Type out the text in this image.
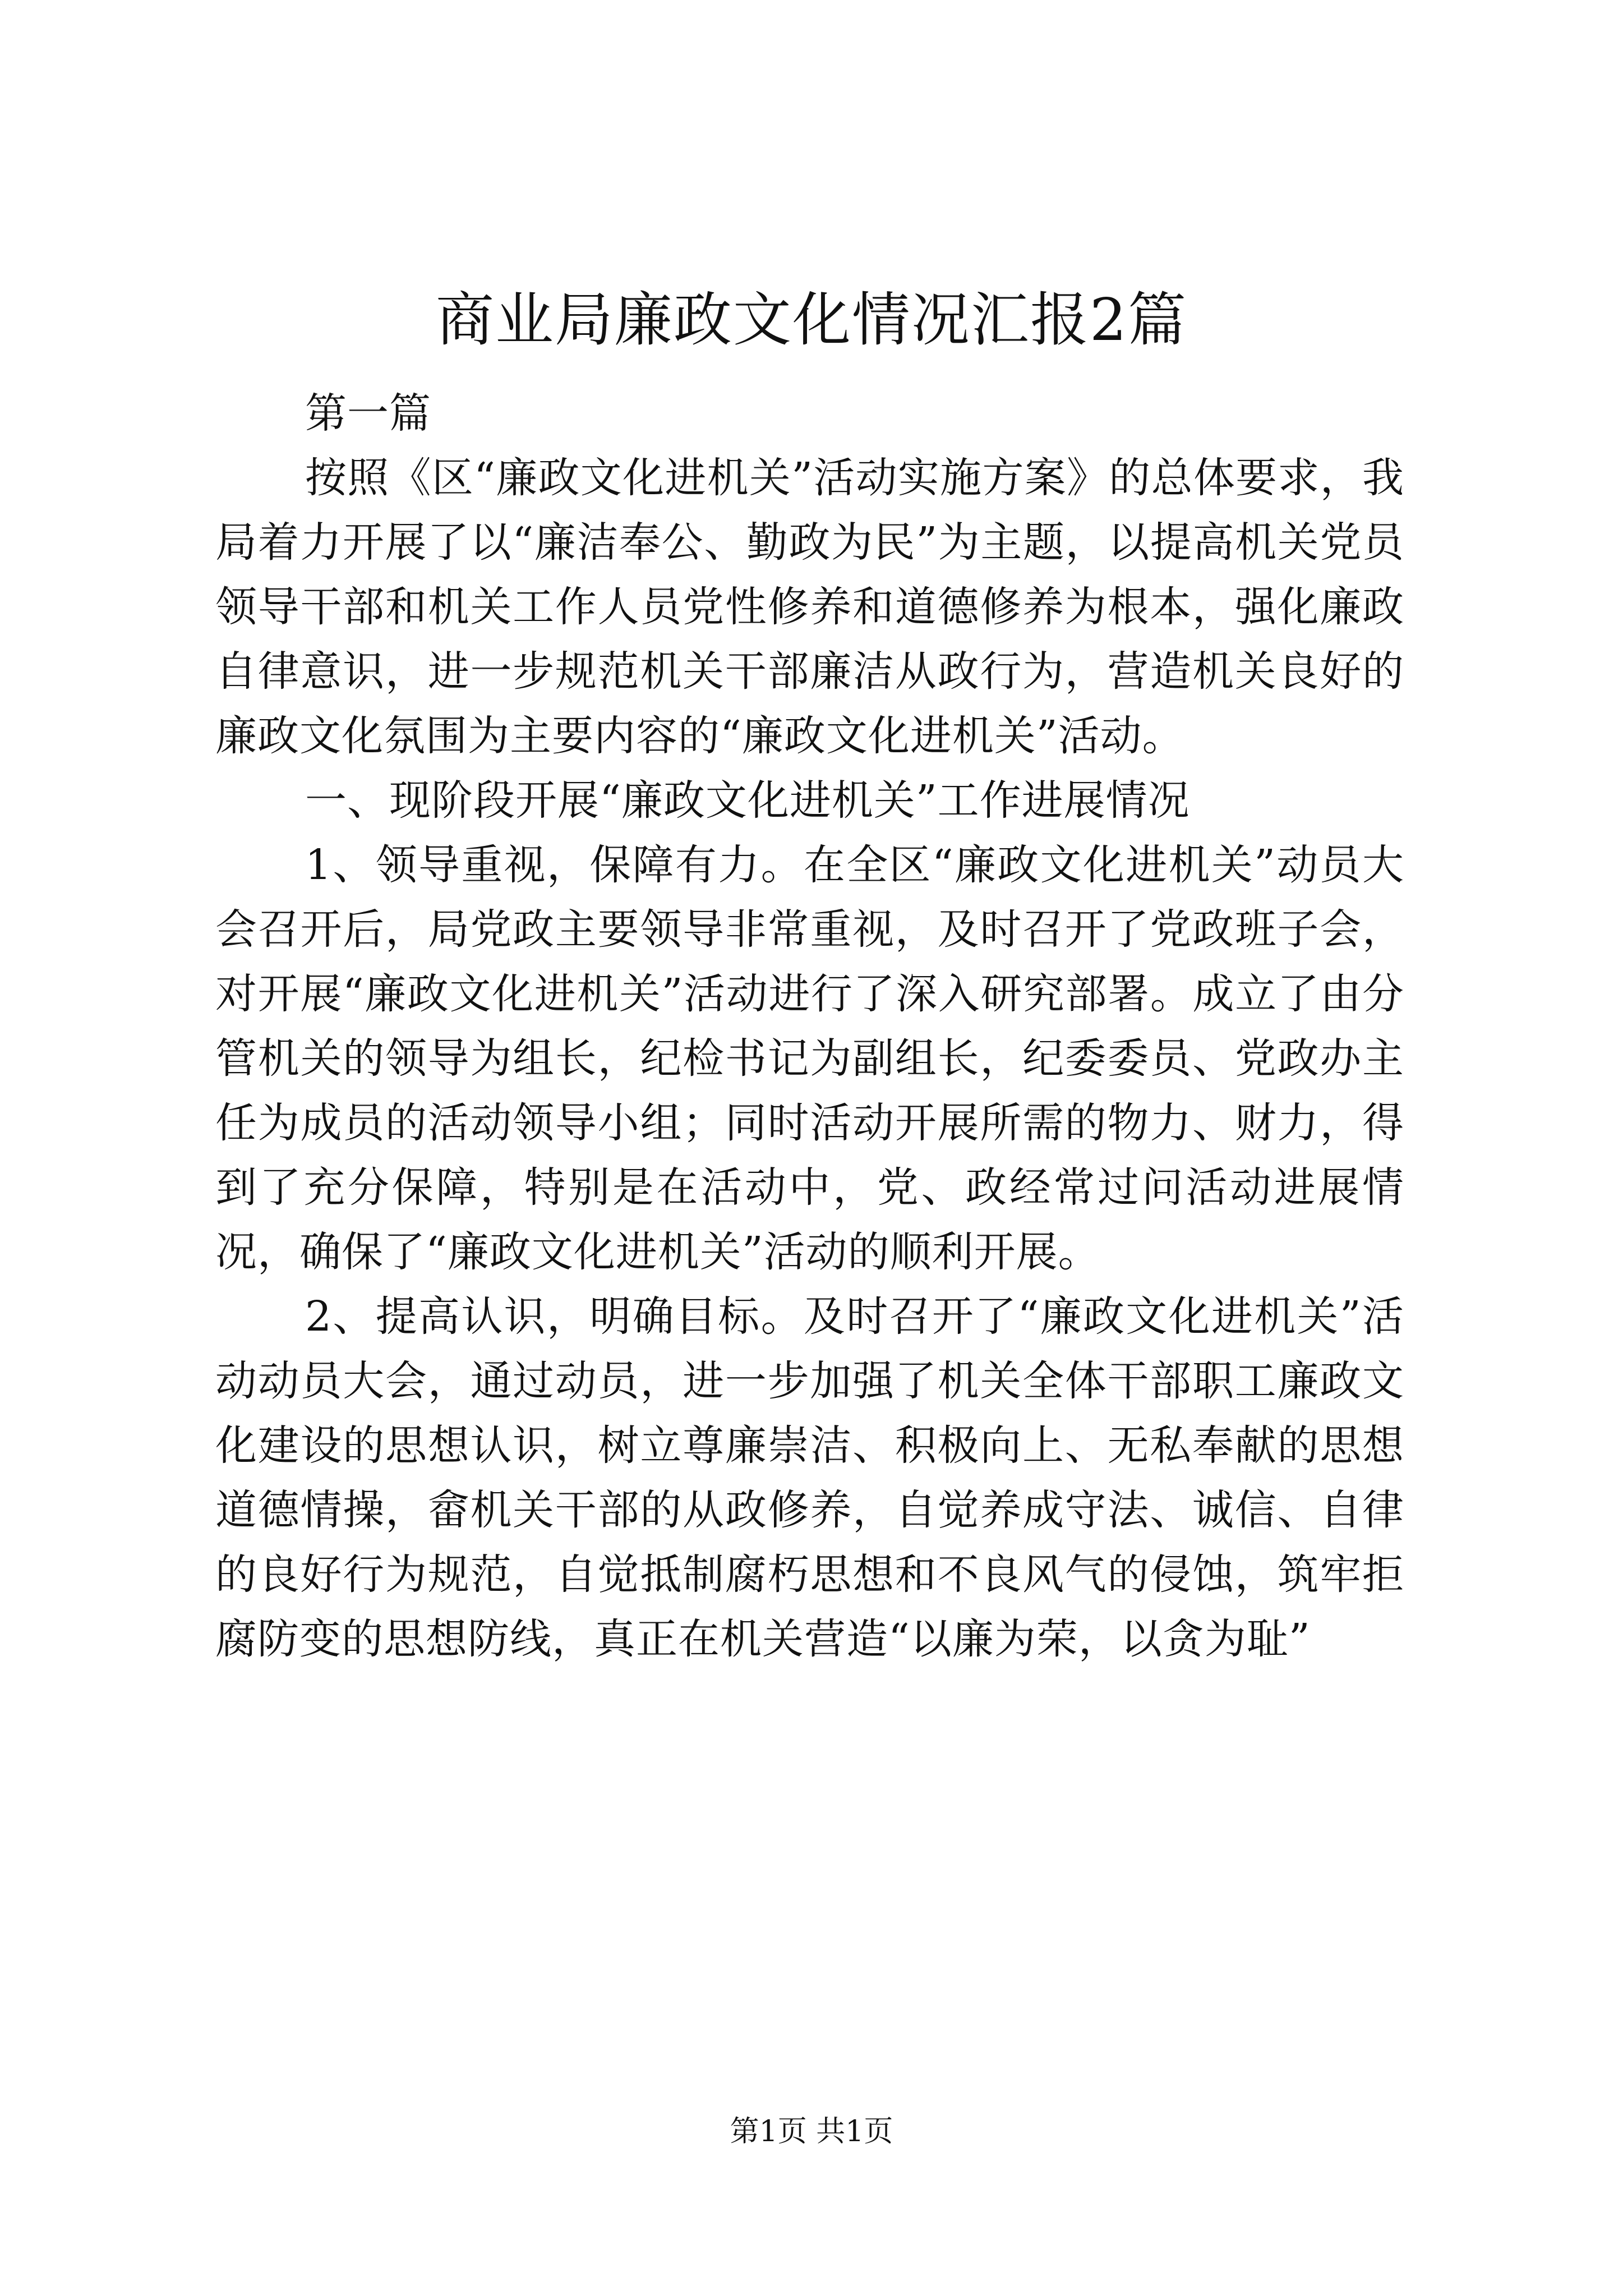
商业局廉政文化情况汇报2篇

第一篇

按照《区“廉政文化进机关”活动实施方案》的总体要求，我局着力开展了以“廉洁奉公、勤政为民”为主题，以提高机关党员领导干部和机关工作人员党性修养和道德修养为根本，强化廉政自律意识，进一步规范机关干部廉洁从政行为，营造机关良好的廉政文化氛围为主要内容的“廉政文化进机关”活动。

一、现阶段开展“廉政文化进机关”工作进展情况

1、领导重视，保障有力。在全区“廉政文化进机关”动员大会召开后，局党政主要领导非常重视，及时召开了党政班子会，对开展“廉政文化进机关”活动进行了深入研究部署。成立了由分管机关的领导为组长，纪检书记为副组长，纪委委员、党政办主任为成员的活动领导小组；同时活动开展所需的物力、财力，得到了充分保障，特别是在活动中，党、政经常过问活动进展情况，确保了“廉政文化进机关”活动的顺利开展。

2、提高认识，明确目标。及时召开了“廉政文化进机关”活动动员大会，通过动员，进一步加强了机关全体干部职工廉政文化建设的思想认识，树立尊廉崇洁、积极向上、无私奉献的思想道德情操，畲机关干部的从政修养，自觉养成守法、诚信、自律的良好行为规范，自觉抵制腐朽思想和不良风气的侵蚀，筑牢拒腐防变的思想防线，真正在机关营造“以廉为荣，以贪为耻”

第1页 共1页
